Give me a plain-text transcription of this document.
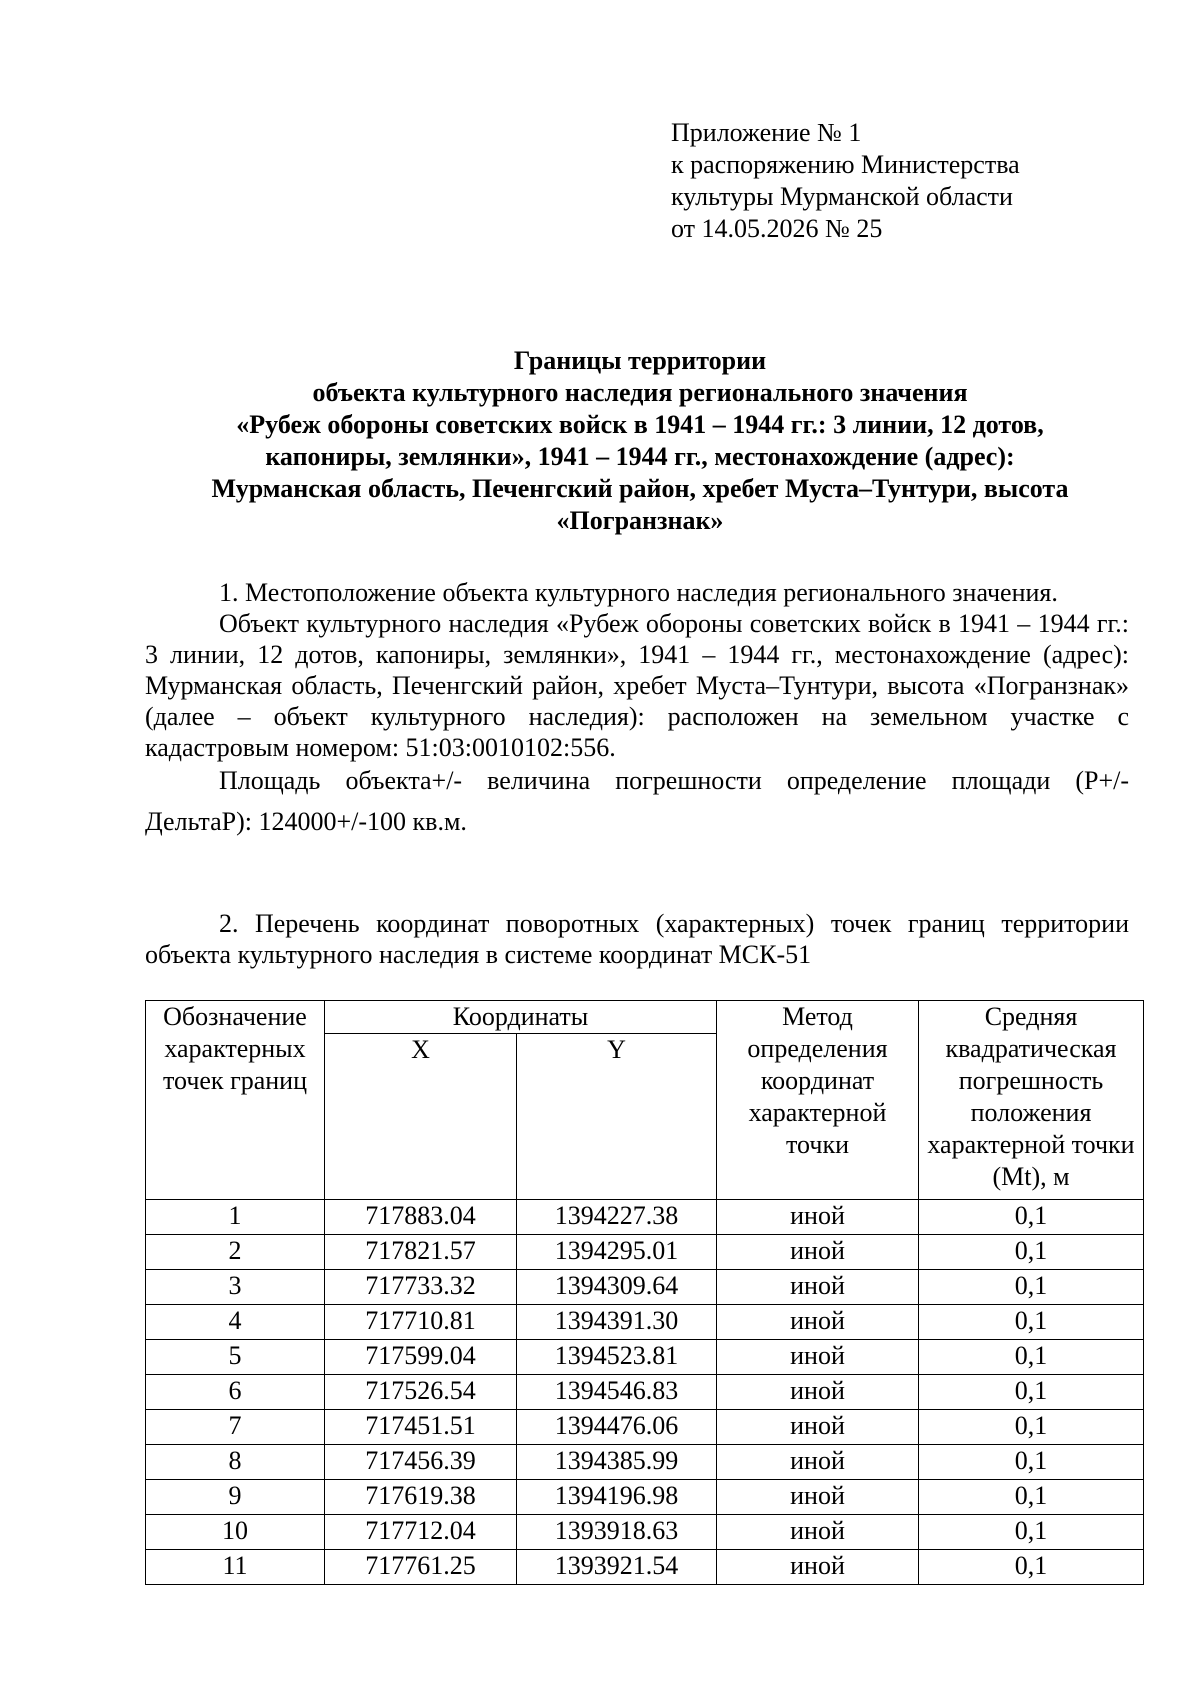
Приложение № 1
к распоряжению Министерства
культуры Мурманской области
от 14.05.2026 № 25
Границы территории
объекта культурного наследия регионального значения
«Рубеж обороны советских войск в 1941 – 1944 гг.: 3 линии, 12 дотов,
капониры, землянки», 1941 – 1944 гг., местонахождение (адрес):
Мурманская область, Печенгский район, хребет Муста–Тунтури, высота
«Погранзнак»
1. Местоположение объекта культурного наследия регионального значения.
Объект культурного наследия «Рубеж обороны советских войск в 1941 – 1944 гг.: 3 линии, 12 дотов, капониры, землянки», 1941 – 1944 гг., местонахождение (адрес): Мурманская область, Печенгский район, хребет Муста–Тунтури, высота «Погранзнак» (далее – объект культурного наследия): расположен на земельном участке с кадастровым номером: 51:03:0010102:556.
Площадь объекта+/- величина погрешности определение площади (Р+/-
ДельтаР): 124000+/-100 кв.м.
2. Перечень координат поворотных (характерных) точек границ территории объекта культурного наследия в системе координат МСК-51
Обозначение характерных точек границ	Координаты		Метод определения координат характерной точки	Средняя квадратическая погрешность положения характерной точки (Mt), м
	X	Y		
1	717883.04	1394227.38	иной	0,1
2	717821.57	1394295.01	иной	0,1
3	717733.32	1394309.64	иной	0,1
4	717710.81	1394391.30	иной	0,1
5	717599.04	1394523.81	иной	0,1
6	717526.54	1394546.83	иной	0,1
7	717451.51	1394476.06	иной	0,1
8	717456.39	1394385.99	иной	0,1
9	717619.38	1394196.98	иной	0,1
10	717712.04	1393918.63	иной	0,1
11	717761.25	1393921.54	иной	0,1
